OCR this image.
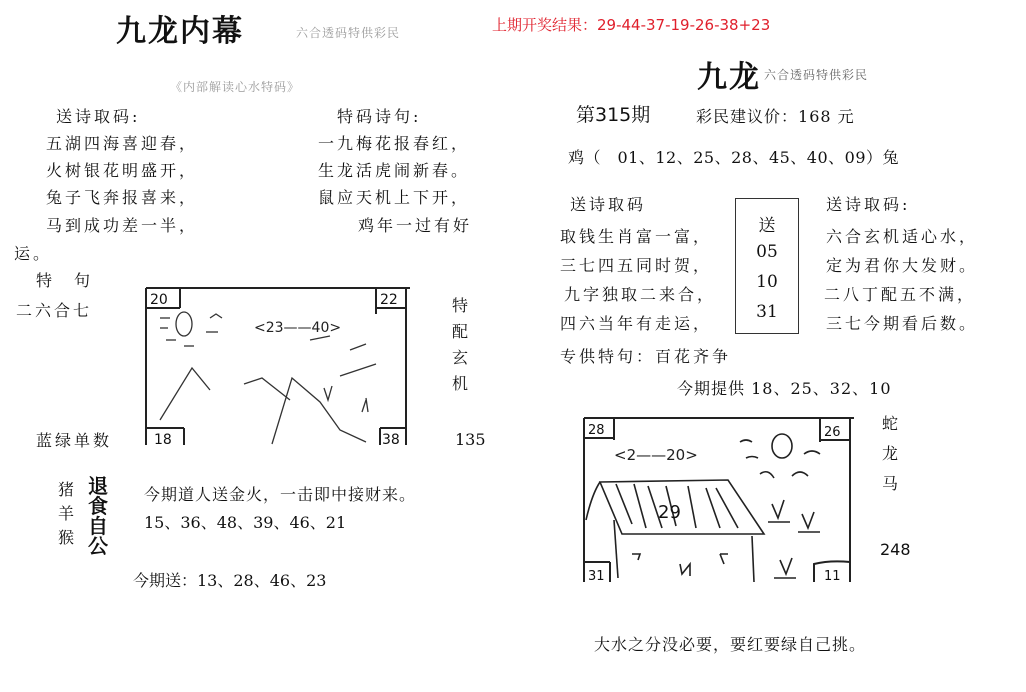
九龙内幕	六合透码特供彩民
《内部解读心水特码》
送诗取码:
五湖四海喜迎春，
火树银花明盛开，
兔子飞奔报喜来，
马到成功差一半，
特码诗句:
一九梅花报春红，
生龙活虎闹新春。
鼠应天机上下开，
鸡年一过有好
运。
特　句
二六合七
蓝绿单数
20	22
18	38
<23——40>
特
配
玄
机
135
猪
羊
猴
退
食
自
公
今期道人送金火，一击即中接财来。
15、36、48、39、46、21
今期送：13、28、46、23
上期开奖结果：29-44-37-19-26-38+23
九龙 六合透码特供彩民
第315期	彩民建议价：168 元
鸡（　01、12、25、28、45、40、09）兔
送诗取码
取钱生肖富一富，
三七四五同时贺，
九字独取二来合，
四六当年有走运，
送
05
10
31
送诗取码:
六合玄机适心水，
定为君你大发财。
二八丁配五不满，
三七今期看后数。
专供特句：百花齐争
今期提供 18、25、32、10
28	26
31	11
<2——20>
29
蛇
龙
马
248
大水之分没必要，要红要绿自己挑。
